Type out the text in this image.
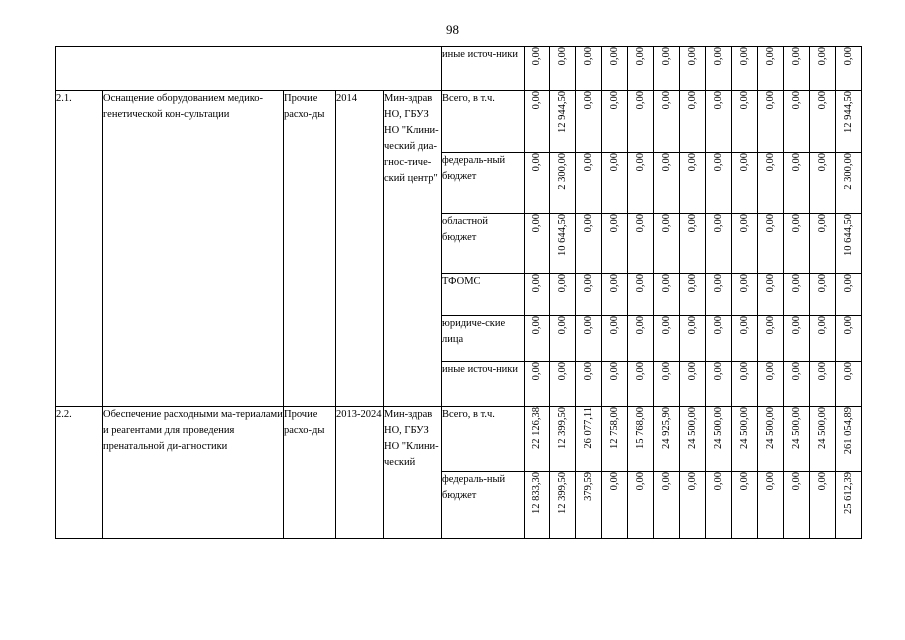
98
					иные источ-ники	0,00	0,00	0,00	0,00	0,00	0,00	0,00	0,00	0,00	0,00	0,00	0,00	0,00
2.1.	Оснащение оборудованием медико-генетической кон-сультации	Прочие расхо-ды	2014	Мин-здрав НО, ГБУЗ НО "Клини-ческий диа-гнос-тиче-ский центр"	Всего, в т.ч.	0,00	12 944,50	0,00	0,00	0,00	0,00	0,00	0,00	0,00	0,00	0,00	0,00	12 944,50
					федераль-ный бюджет	0,00	2 300,00	0,00	0,00	0,00	0,00	0,00	0,00	0,00	0,00	0,00	0,00	2 300,00
					областной бюджет	0,00	10 644,50	0,00	0,00	0,00	0,00	0,00	0,00	0,00	0,00	0,00	0,00	10 644,50
					ТФОМС	0,00	0,00	0,00	0,00	0,00	0,00	0,00	0,00	0,00	0,00	0,00	0,00	0,00
					юридиче-ские лица	0,00	0,00	0,00	0,00	0,00	0,00	0,00	0,00	0,00	0,00	0,00	0,00	0,00
					иные источ-ники	0,00	0,00	0,00	0,00	0,00	0,00	0,00	0,00	0,00	0,00	0,00	0,00	0,00
2.2.	Обеспечение расходными ма-териалами и реагентами для проведения пренатальной ди-агностики	Прочие расхо-ды	2013-2024	Мин-здрав НО, ГБУЗ НО "Клини-ческий	Всего, в т.ч.	22 126,38	12 399,50	26 077,11	12 758,00	15 768,00	24 925,90	24 500,00	24 500,00	24 500,00	24 500,00	24 500,00	24 500,00	261 054,89
					федераль-ный бюджет	12 833,30	12 399,50	379,59	0,00	0,00	0,00	0,00	0,00	0,00	0,00	0,00	0,00	25 612,39
